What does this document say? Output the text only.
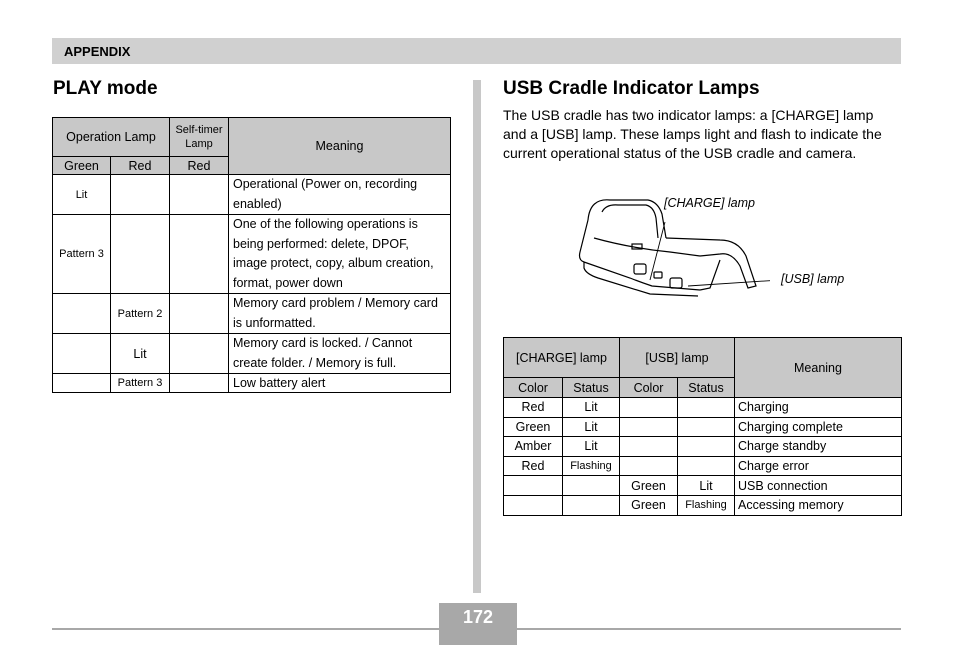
APPENDIX
PLAY mode
Operation Lamp		Self-timer Lamp	Meaning
Green	Red	Red	
Lit			Operational (Power on, recording enabled)
Pattern 3			One of the following operations is being performed: delete, DPOF, image protect, copy, album creation, format, power down
	Pattern 2		Memory card problem / Memory card is unformatted.
	Lit		Memory card is locked. / Cannot create folder. / Memory is full.
	Pattern 3		Low battery alert
USB Cradle Indicator Lamps

The USB cradle has two indicator lamps: a [CHARGE] lamp and a [USB] lamp. These lamps light and flash to indicate the current operational status of the USB cradle and camera.

[CHARGE] lamp
[USB] lamp
[CHARGE] lamp		[USB] lamp		Meaning
Color	Status	Color	Status	
Red	Lit			Charging
Green	Lit			Charging complete
Amber	Lit			Charge standby
Red	Flashing			Charge error
		Green	Lit	USB connection
		Green	Flashing	Accessing memory
172
